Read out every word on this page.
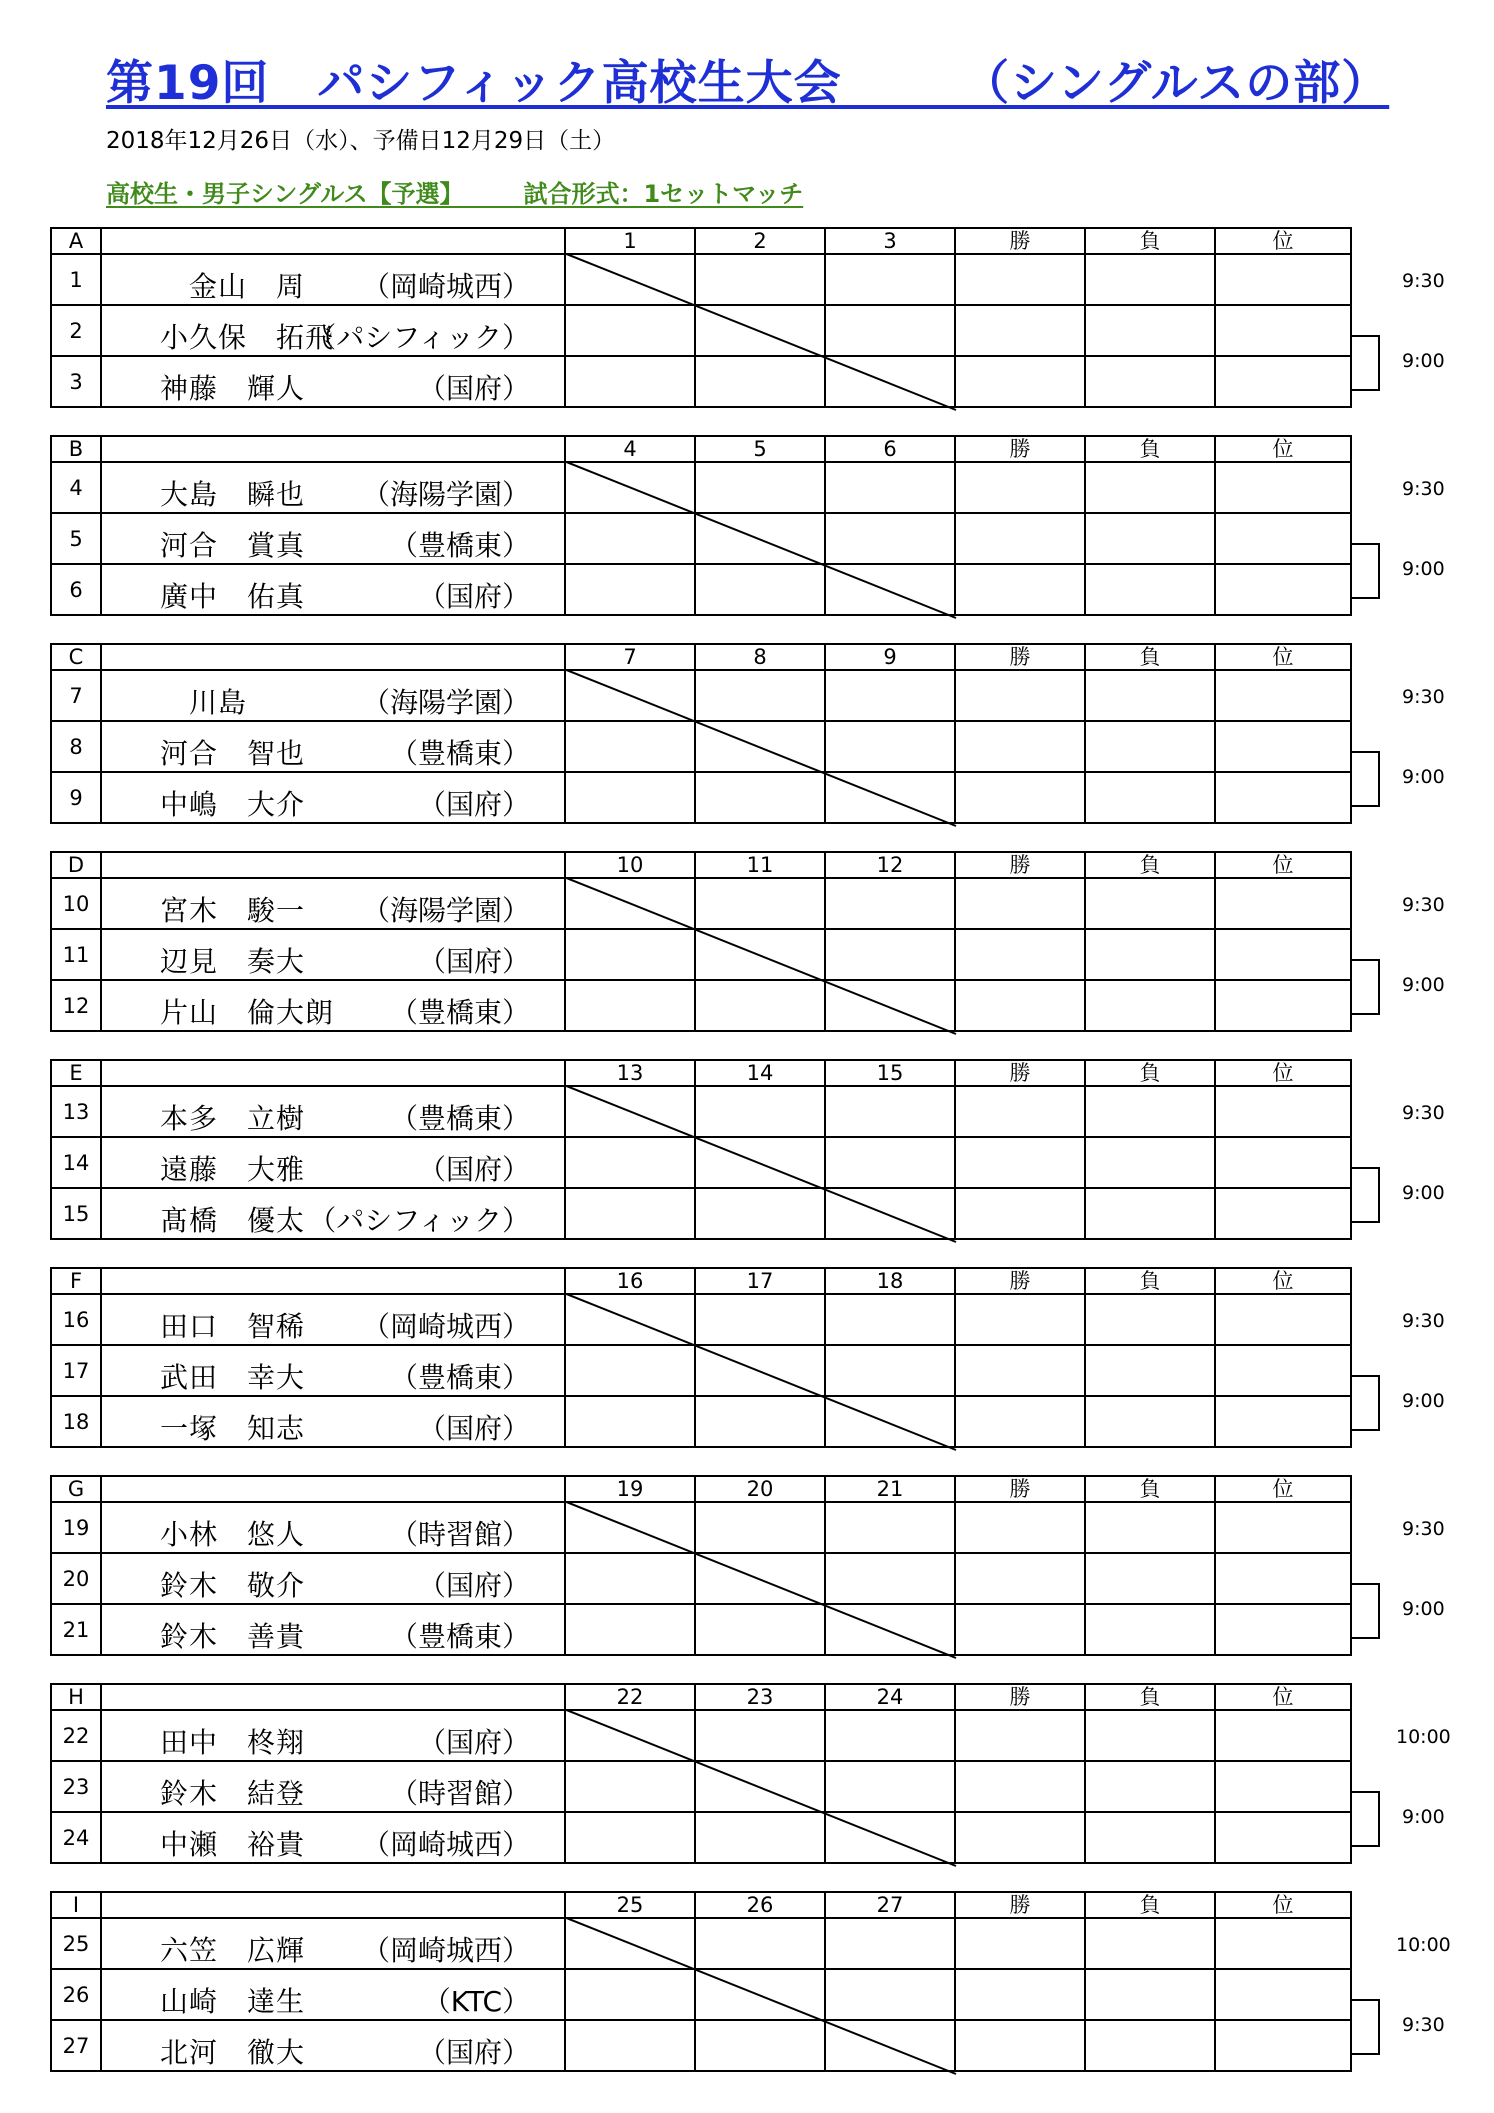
第19回　パシフィック高校生大会　　　（シングルスの部）
2018年12月26日（水）、予備日12月29日（土）
高校生・男子シングルス【予選】　　　試合形式：1セットマッチ
A		1	2	3	勝	負	位
1	　金山　周 （岡崎城西）						

2	小久保　拓飛
（パシフィック）						

3	神藤　輝人 （国府）						

9:30
9:00
B		4	5	6	勝	負	位
4	大島　瞬也 （海陽学園）						

5	河合　賞真 （豊橋東）						

6	廣中　佑真 （国府）						

9:30
9:00
C		7	8	9	勝	負	位
7	　川島 （海陽学園）						

8	河合　智也 （豊橋東）						

9	中嶋　大介 （国府）						

9:30
9:00
D		10	11	12	勝	負	位
10	宮木　駿一 （海陽学園）						

11	辺見　奏大 （国府）						

12	片山　倫大朗 （豊橋東）						

9:30
9:00
E		13	14	15	勝	負	位
13	本多　立樹 （豊橋東）						

14	遠藤　大雅 （国府）						

15	髙橋　優太 （パシフィック）						

9:30
9:00
F		16	17	18	勝	負	位
16	田口　智稀 （岡崎城西）						

17	武田　幸大 （豊橋東）						

18	一塚　知志 （国府）						

9:30
9:00
G		19	20	21	勝	負	位
19	小林　悠人 （時習館）						

20	鈴木　敬介 （国府）						

21	鈴木　善貴 （豊橋東）						

9:30
9:00
H		22	23	24	勝	負	位
22	田中　柊翔 （国府）						

23	鈴木　結登 （時習館）						

24	中瀬　裕貴 （岡崎城西）						

10:00
9:00
I		25	26	27	勝	負	位
25	六笠　広輝 （岡崎城西）						

26	山崎　達生 （KTC）						

27	北河　徹大 （国府）						

10:00
9:30
